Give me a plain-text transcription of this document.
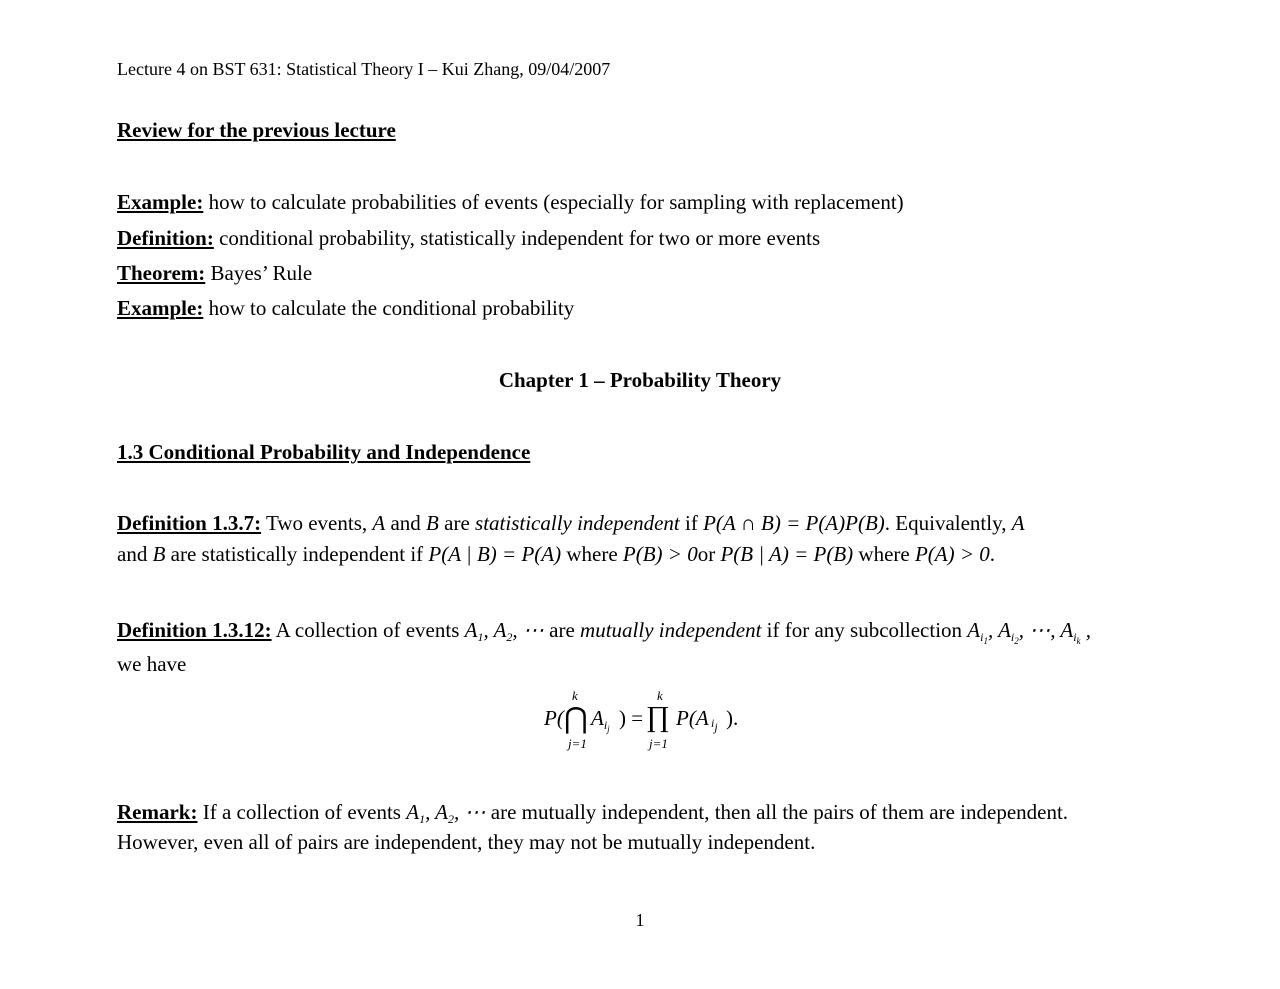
Lecture 4 on BST 631: Statistical Theory I – Kui Zhang, 09/04/2007
Review for the previous lecture
Example: how to calculate probabilities of events (especially for sampling with replacement)
Definition: conditional probability, statistically independent for two or more events
Theorem: Bayes’ Rule
Example: how to calculate the conditional probability
Chapter 1 – Probability Theory
1.3 Conditional Probability and Independence
Definition 1.3.7: Two events, A and B are statistically independent if P(A ∩ B) = P(A)P(B). Equivalently, A
and B are statistically independent if P(A | B) = P(A) where P(B) > 0or P(B | A) = P(B) where P(A) > 0.
Definition 1.3.12: A collection of events $A_1$, $A_2$, ⋯ are mutually independent if for any subcollection $A_{i_1}$, $A_{i_2}$, ⋯, $A_{i_k}$ ,
we have
k	k
P( ⋂ $A_{i_j}$ ) = ∏ P(A $i_j$ ).
j=1	j=1
Remark: If a collection of events $A_1$, $A_2$, ⋯ are mutually independent, then all the pairs of them are independent.
However, even all of pairs are independent, they may not be mutually independent.
1
